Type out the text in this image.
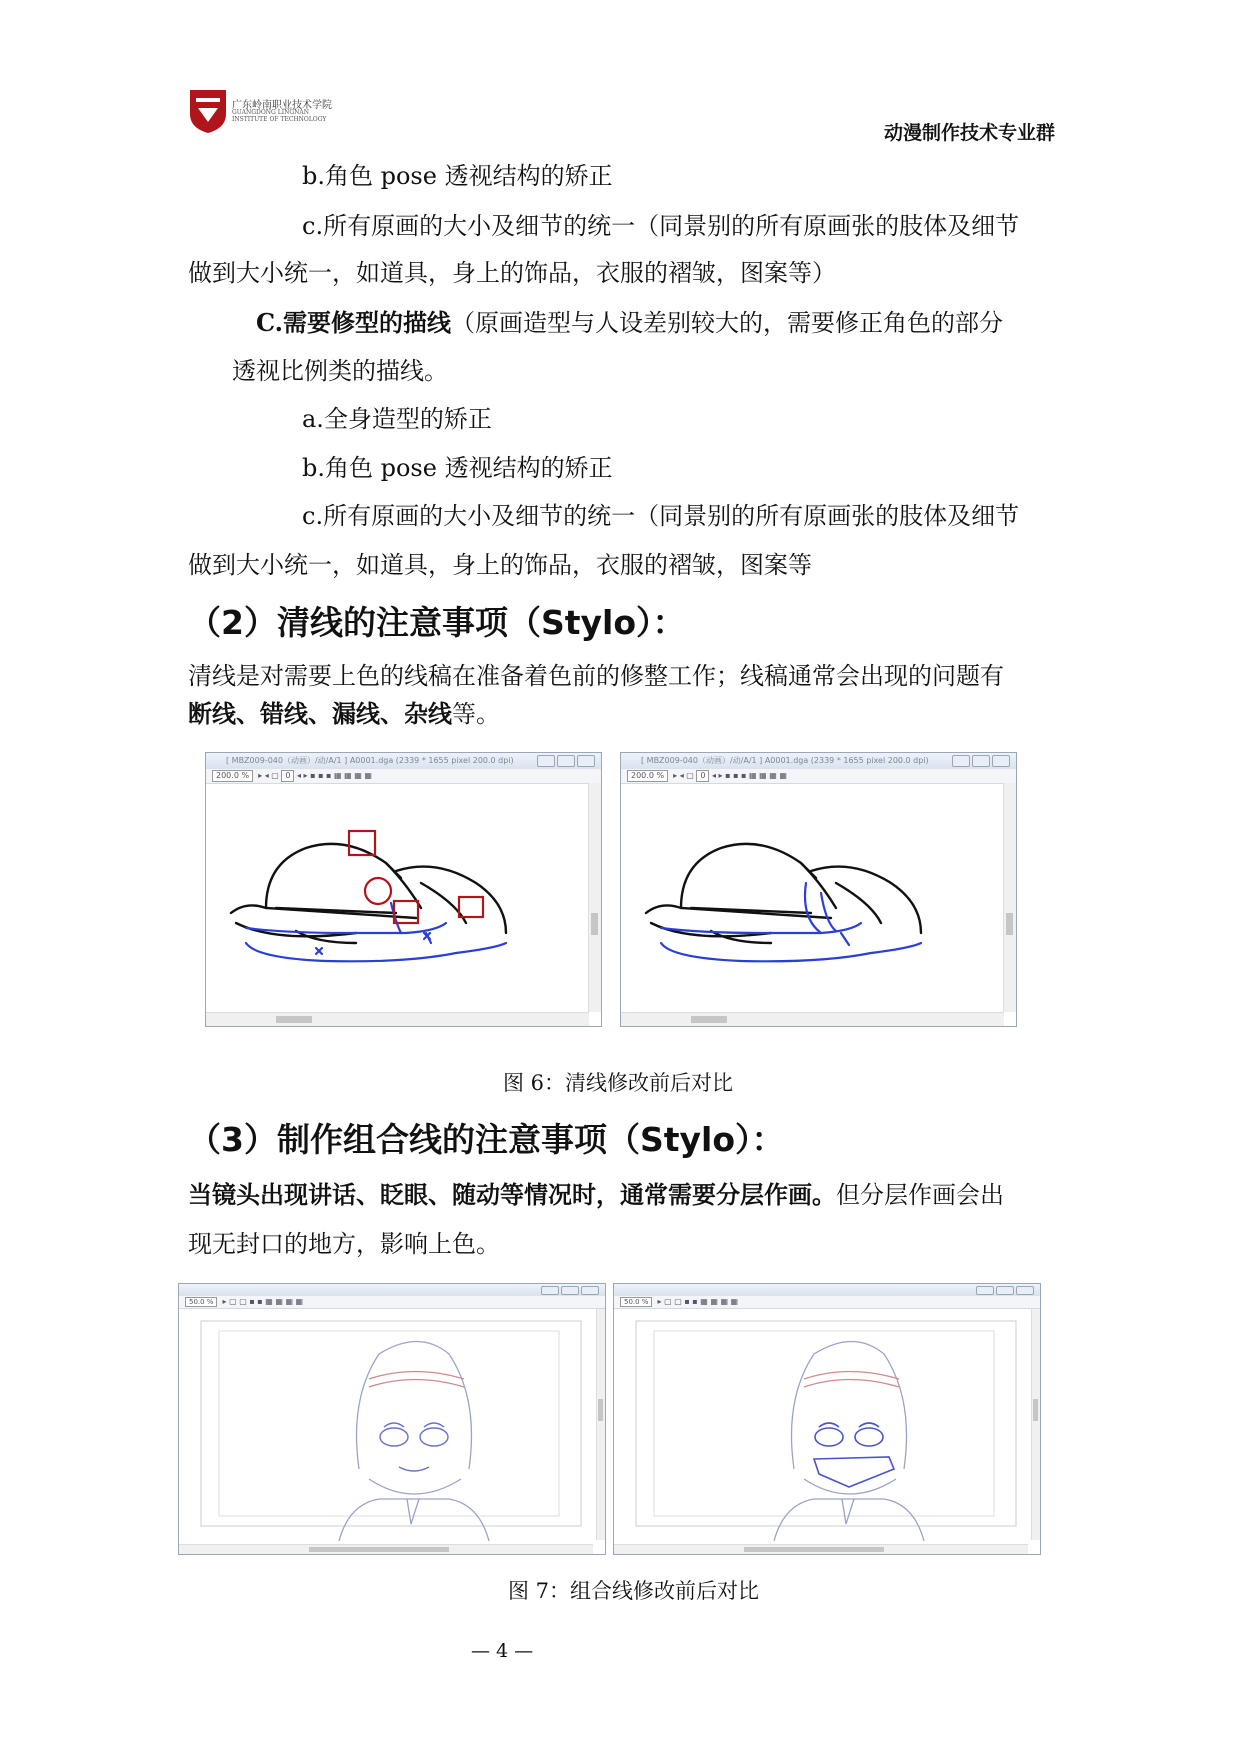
广东岭南职业技术学院
GUANGDONG LINGNAN
INSTITUTE OF TECHNOLOGY
动漫制作技术专业群
b.角色 pose 透视结构的矫正
c.所有原画的大小及细节的统一（同景别的所有原画张的肢体及细节
做到大小统一，如道具，身上的饰品，衣服的褶皱，图案等）
C.需要修型的描线（原画造型与人设差别较大的，需要修正角色的部分
透视比例类的描线。
a.全身造型的矫正
b.角色 pose 透视结构的矫正
c.所有原画的大小及细节的统一（同景别的所有原画张的肢体及细节
做到大小统一，如道具，身上的饰品，衣服的褶皱，图案等
（2）清线的注意事项（Stylo）：
清线是对需要上色的线稿在准备着色前的修整工作；线稿通常会出现的问题有
断线、错线、漏线、杂线等。
[ MBZ009-040（动画）/动/A/1 ] A0001.dga (2339 * 1655 pixel 200.0 dpi)
200.0 %  ▸ ◂ ▢ 0 ◂ ▸ ▪ ▪ ▪ ▦ ▦ ▦ ▦
[ MBZ009-040（动画）/动/A/1 ] A0001.dga (2339 * 1655 pixel 200.0 dpi)
200.0 %  ▸ ◂ ▢ 0 ◂ ▸ ▪ ▪ ▪ ▦ ▦ ▦ ▦
图 6：清线修改前后对比
（3）制作组合线的注意事项（Stylo）：
当镜头出现讲话、眨眼、随动等情况时，通常需要分层作画。但分层作画会出
现无封口的地方，影响上色。
50.0 %  ▸ ▢ ▢ ▪ ▪ ▦ ▦ ▦ ▦	50.0 %  ▸ ▢ ▢ ▪ ▪ ▦ ▦ ▦ ▦
图 7：组合线修改前后对比
— 4 —
